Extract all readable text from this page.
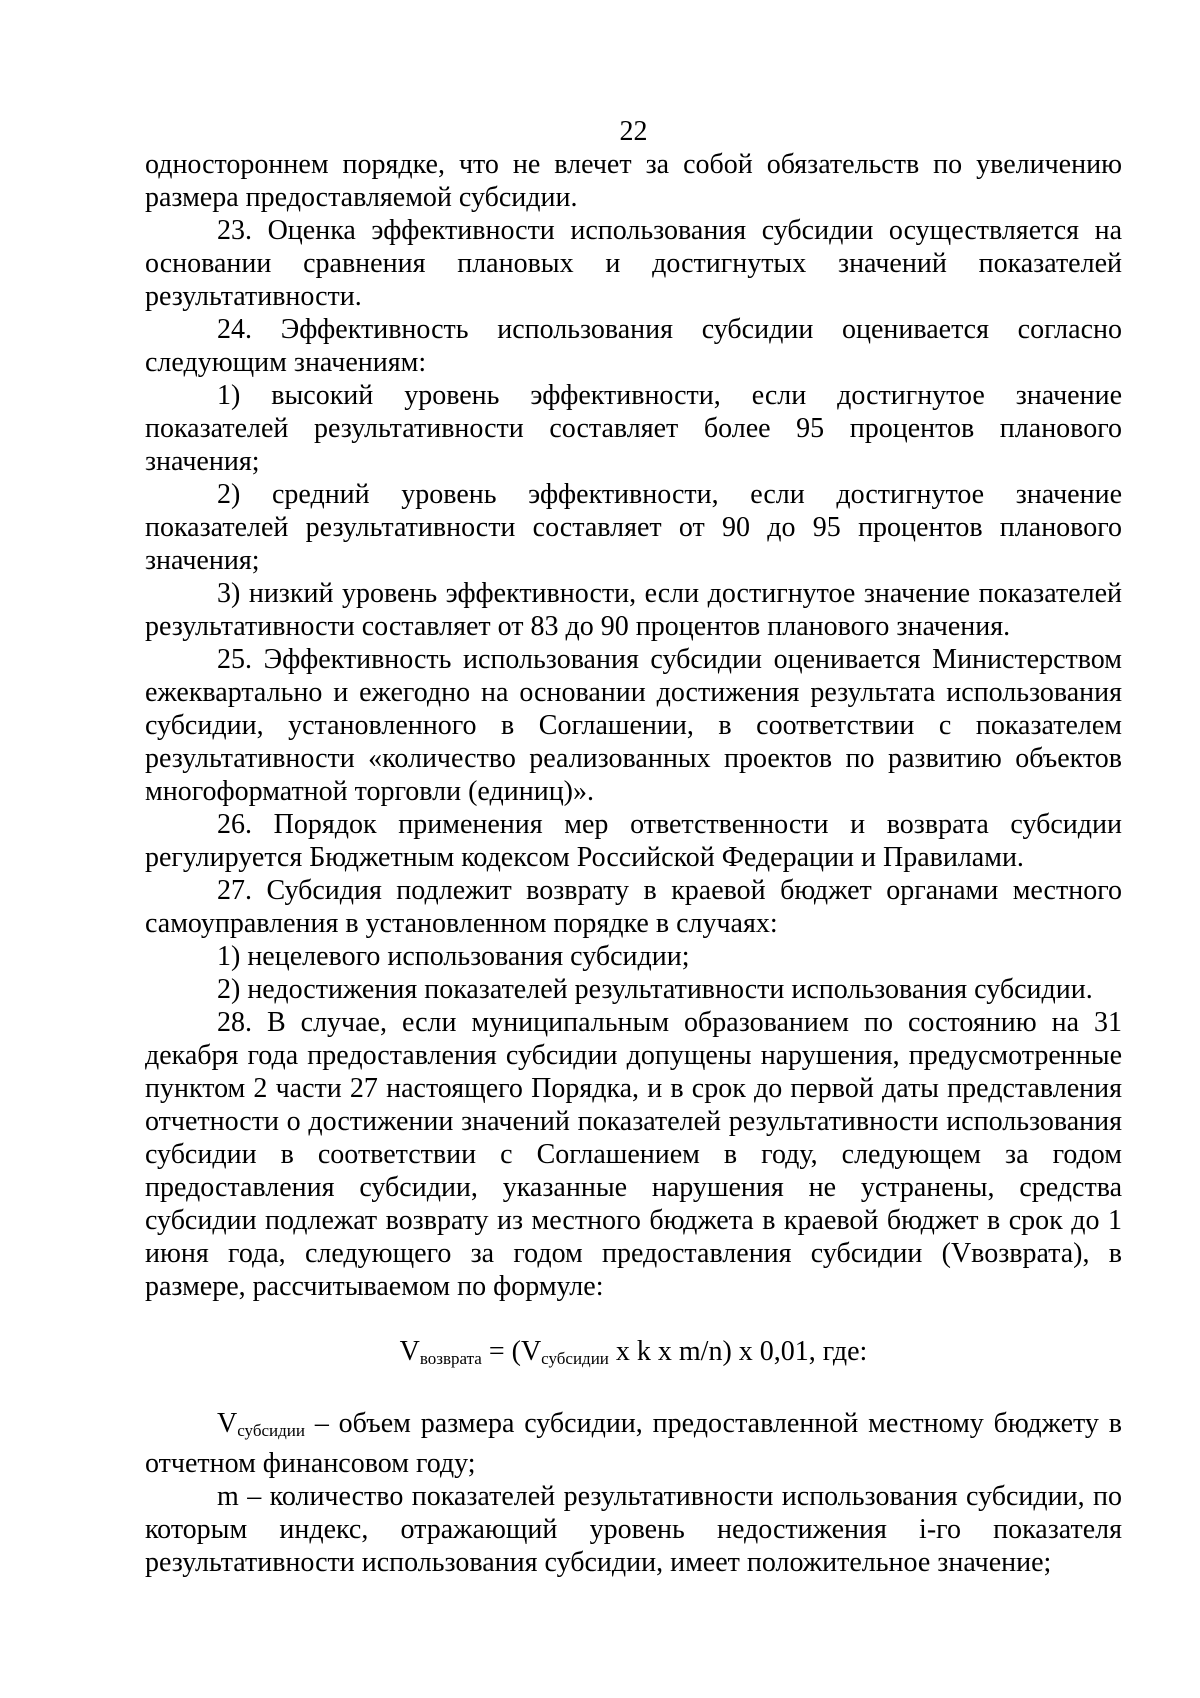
22

одностороннем порядке, что не влечет за собой обязательств по увеличению размера предоставляемой субсидии.

23. Оценка эффективности использования субсидии осуществляется на основании сравнения плановых и достигнутых значений показателей результативности.

24. Эффективность использования субсидии оценивается согласно следующим значениям:

1) высокий уровень эффективности, если достигнутое значение показателей результативности составляет более 95 процентов планового значения;

2) средний уровень эффективности, если достигнутое значение показателей результативности составляет от 90 до 95 процентов планового значения;

3) низкий уровень эффективности, если достигнутое значение показателей результативности составляет от 83 до 90 процентов планового значения.

25. Эффективность использования субсидии оценивается Министерством ежеквартально и ежегодно на основании достижения результата использования субсидии, установленного в Соглашении, в соответствии с показателем результативности «количество реализованных проектов по развитию объектов многоформатной торговли (единиц)».

26. Порядок применения мер ответственности и возврата субсидии регулируется Бюджетным кодексом Российской Федерации и Правилами.

27. Субсидия подлежит возврату в краевой бюджет органами местного самоуправления в установленном порядке в случаях:

1) нецелевого использования субсидии;

2) недостижения показателей результативности использования субсидии.

28. В случае, если муниципальным образованием по состоянию на 31 декабря года предоставления субсидии допущены нарушения, предусмотренные пунктом 2 части 27 настоящего Порядка, и в срок до первой даты представления отчетности о достижении значений показателей результативности использования субсидии в соответствии с Соглашением в году, следующем за годом предоставления субсидии, указанные нарушения не устранены, средства субсидии подлежат возврату из местного бюджета в краевой бюджет в срок до 1 июня года, следующего за годом предоставления субсидии (Vвозврата), в размере, рассчитываемом по формуле:

$V_{возврата} = (V_{субсидии}$ х k х m/n) х 0,01, где:

$V_{субсидии}$ – объем размера субсидии, предоставленной местному бюджету в отчетном финансовом году;

m – количество показателей результативности использования субсидии, по которым индекс, отражающий уровень недостижения i-го показателя результативности использования субсидии, имеет положительное значение;
